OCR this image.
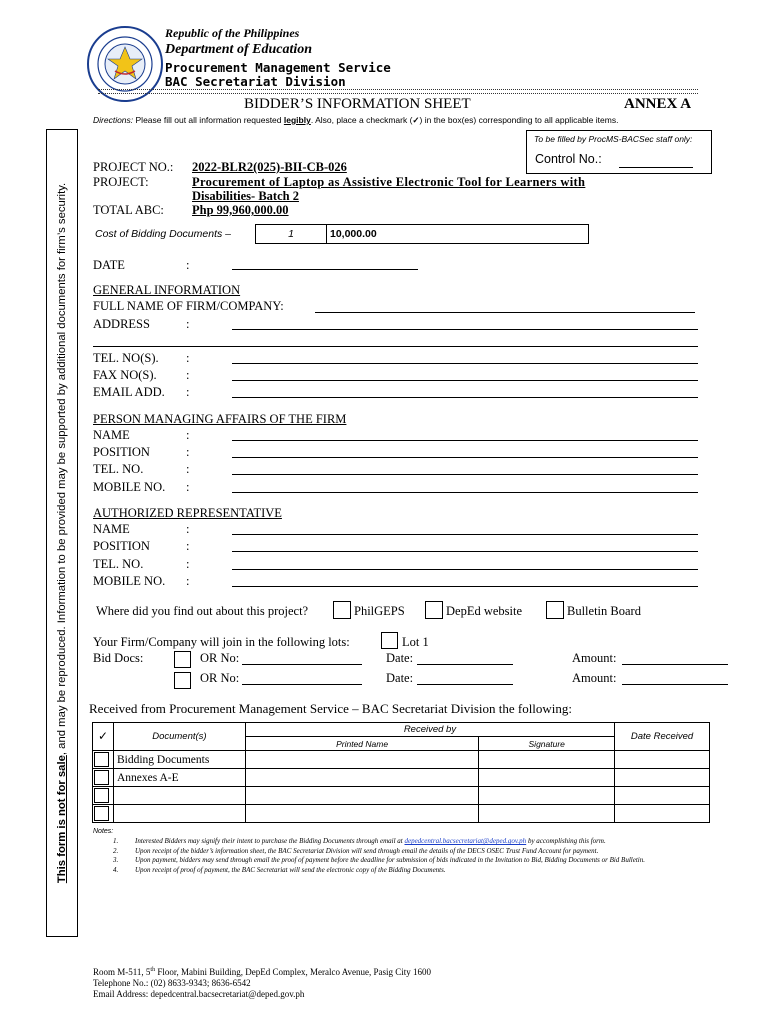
Republic of the Philippines
Department of Education
Procurement Management Service
BAC Secretariat Division
BIDDER’S INFORMATION SHEET	ANNEX A
Directions: Please fill out all information requested legibly. Also, place a checkmark (✓) in the box(es) corresponding to all applicable items.
This form is not for sale, and may be reproduced. Information to be provided may be supported by additional documents for firm’s security.
To be filled by ProcMS-BACSec staff only:
Control No.:
PROJECT NO.: 2022-BLR2(025)-BII-CB-026
PROJECT:	Procurement of Laptop as Assistive Electronic Tool for Learners with
Disabilities- Batch 2
TOTAL ABC: Php 99,960,000.00
Cost of Bidding Documents –	1	10,000.00
DATE	:
GENERAL INFORMATION
FULL NAME OF FIRM/COMPANY:
ADDRESS	:
TEL. NO(S). :
FAX NO(S). :
EMAIL ADD. :
PERSON MANAGING AFFAIRS OF THE FIRM
NAME	:
POSITION	:
TEL. NO.	:
MOBILE NO. :
AUTHORIZED REPRESENTATIVE
NAME	:
POSITION	:
TEL. NO.	:
MOBILE NO. :
Where did you find out about this project?	PhilGEPS	DepEd website	Bulletin Board
Your Firm/Company will join in the following lots:	Lot 1
Bid Docs:	OR No:	Date:	Amount:
OR No:	Date:	Amount:
Received from Procurement Management Service – BAC Secretariat Division the following:
✓	Document(s)	Received by		Date Received
		Printed Name	Signature	

	Bidding Documents			

	Annexes A-E			

Notes:
1. Interested Bidders may signify their intent to purchase the Bidding Documents through email at depedcentral.bacsecretariat@deped.gov.ph by accomplishing this form.
2. Upon receipt of the bidder’s information sheet, the BAC Secretariat Division will send through email the details of the DECS OSEC Trust Fund Account for payment.
3. Upon payment, bidders may send through email the proof of payment before the deadline for submission of bids indicated in the Invitation to Bid, Bidding Documents or Bid Bulletin.
4. Upon receipt of proof of payment, the BAC Secretariat will send the electronic copy of the Bidding Documents.
Room M-511, 5th Floor, Mabini Building, DepEd Complex, Meralco Avenue, Pasig City 1600
Telephone No.: (02) 8633-9343; 8636-6542
Email Address: depedcentral.bacsecretariat@deped.gov.ph
